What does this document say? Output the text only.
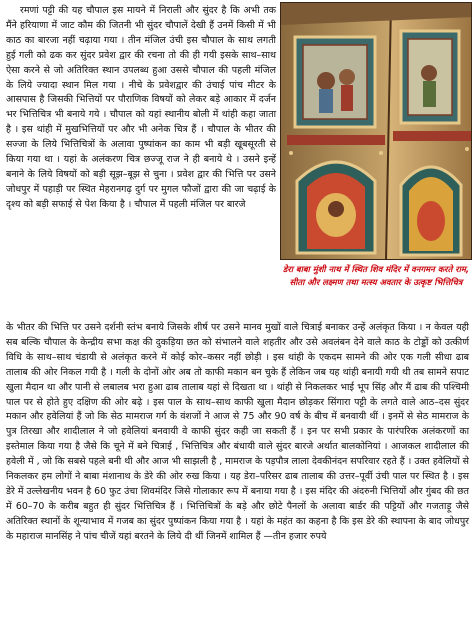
रमणां पट्टी की यह चौपाल इस मायने में निराली और सुंदर है कि अभी तक मैंने हरियाणा में जाट कौम की जितनी भी सुंदर चौपालें देखी हैं उनमें किसी में भी काठ का बारजा नहीं चढ़ाया गया । तीन मंजिल उंची इस चौपाल के साथ लगती हुई गली को ढक कर सुंदर प्रवेश द्वार की रचना तो की ही गयी इसके साथ–साथ ऐसा करने से जो अतिरिक्त स्थान उपलब्ध हुआ उससे चौपाल की पहली मंजिल के लिये ज्यादा स्थान मिल गया । नीचे के प्रवेशद्वार की उंचाई पांच मीटर के आसपास है जिसकी भित्तियों पर पौराणिक विषयों को लेकर बड़े आकार में दर्जन भर भित्तिचित्र भी बनाये गये । चौपाल को यहां स्थानीय बोली में थांही कहा जाता है । इस थांही में मुखभित्तियों पर और भी अनेक चित्र हैं । चौपाल के भीतर की सज्जा के लिये भित्तिचित्रों के अलावा पुष्पांकन का काम भी बड़ी खूबसूरती से किया गया था । यहां के अलंकरण चित्र छज्जू राज ने ही बनाये थे । उसने इन्हें बनाने के लिये विषयों को बड़ी सूझ–बूझ से चुना । प्रवेश द्वार की भित्ति पर उसने जोधपुर में पहाड़ी पर स्थित मेहरानगढ़ दुर्ग पर मुगल फौजों द्वारा की जा चढ़ाई के दृश्य को बड़ी सफाई से पेश किया है । चौपाल में पहली मंजिल पर बारजे
डेरा बाबा मुंशी नाथ में स्थित शिव मंदिर में वनगमन करते राम, सीता और लक्ष्मण तथा मत्स्य अवतार के उत्कृष्ट भित्तिचित्र
के भीतर की भित्ति पर उसने दर्शनी स्तंभ बनाये जिसके शीर्ष पर उसने मानव मुखों वाले चित्राई बनाकर उन्हें अलंकृत किया । न केवल यही सब बल्कि चौपाल के केन्द्रीय सभा कक्ष की दुकड़िया छत को संभालने वाले शहतीर और उसे अवलंबन देने वाले काठ के टोड्डों को उत्कीर्ण विधि के साथ–साथ चंडायी से अलंकृत करने में कोई कोर–कसर नहीं छोड़ी । इस थांही के एकदम सामने की ओर एक गली सीधा ढाब तालाब की ओर निकल गयी है । गली के दोनों ओर अब तो काफी मकान बन चुके हैं लेकिन जब यह थांही बनायी गयी थी तब सामने सपाट खुला मैदान था और पानी से लबालब भरा हुआ ढाब तालाब यहां से दिखता था । थांही से निकलकर भाई भूप सिंह और मैं ढाब की पश्चिमी पाल पर से होते हुए दक्षिण की ओर बढ़े । इस पाल के साथ–साथ काफी खुला मैदान छोड़कर सिंगारा पट्टी के लगते वाले आठ–दस सुंदर मकान और हवेलियां हैं जो कि सेठ मामराज गर्ग के वंशजों ने आज से 75 और 90 वर्ष के बीच में बनवायी थीं । इनमें से सेठ मामराज के पुत्र तिरखा और शादीलाल ने जो हवेलियां बनवायी वे काफी सुंदर कही जा सकती हैं । इन पर सभी प्रकार के पारंपरिक अलंकरणों का इस्तेमाल किया गया है जैसे कि चूने में बने चित्राई , भित्तिचित्र और बंधायी वाले सुंदर बारजे अर्थात बालकोनियां । आजकल शादीलाल की हवेली में , जो कि सबसे पहले बनी थी और आज भी साझली है , मामराज के पड़पौत्र लाला देवकीनंदन सपरिवार रहते हैं । उक्त हवेलियों से निकलकर हम लोगों ने बाबा मंशानाथ के डेरे की ओर रुख किया । यह डेरा–परिसर ढाब तालाब की उत्तर–पूर्वी उंची पाल पर स्थित है । इस डेरे में उल्लेखनीय भवन है 60 फुट उंचा शिवमंदिर जिसे गोलाकार रूप में बनाया गया है । इस मंदिर की अंदरुनी भित्तियों और गुंबद की छत में 60–70 के करीब बहुत ही सुंदर भित्तिचित्र हैं । भित्तिचित्रों के बड़े और छोटे पैनलों के अलावा बार्डर की पट्टियों और गजताड़ू जैसे अतिरिक्त स्थानों के शून्याभाव में गजब का सुंदर पुष्पांकन किया गया है । यहां के महंत का कहना है कि इस डेरे की स्थापना के बाद जोधपुर के महाराज मानसिंह ने पांच चीजें यहां बरतने के लिये दी थीं जिनमें शामिल हैं —तीन हजार रुपये
